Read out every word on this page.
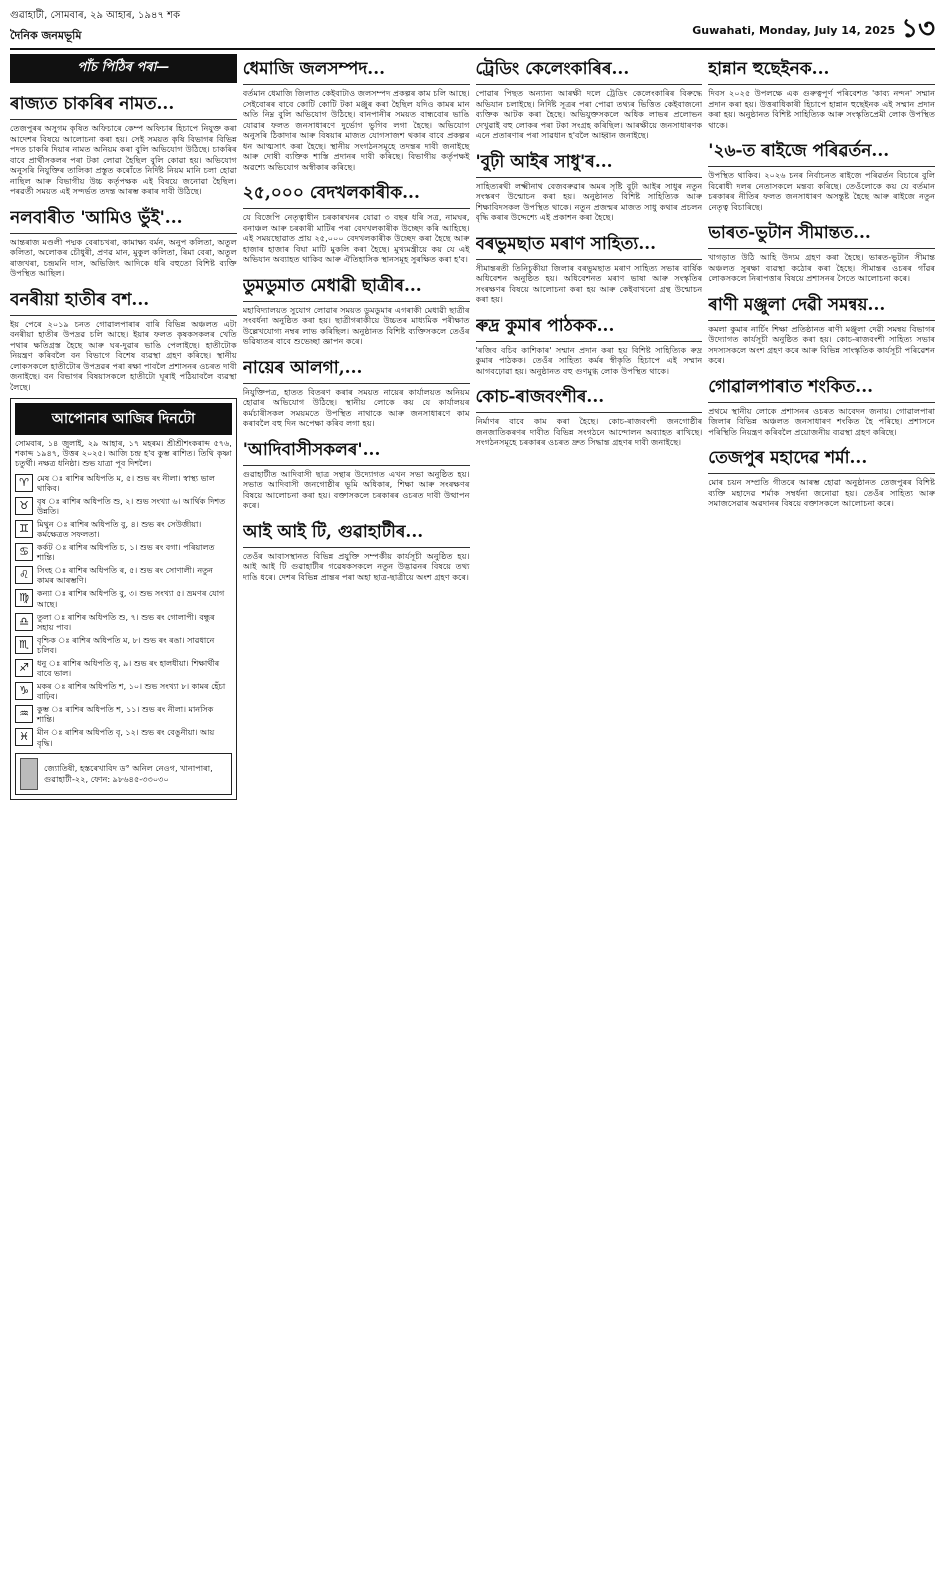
গুৱাহাটী, সোমবাৰ, ২৯ আহাৰ, ১৯৪৭ শক
দৈনিক জনমভূমি	Guwahati, Monday, July 14, 2025 ১৩
পাঁচ পিঠিৰ পৰা—
ৰাজ্যত চাকৰিৰ নামত...

তেজপুৰৰ অসুগম কৃষিত অফিচাৰে কেম্প অফিচাৰ হিচাপে নিযুক্ত কৰা আদেশৰ বিষয়ে আলোচনা কৰা হয়। সেই সময়ত কৃষি বিভাগৰ বিভিন্ন পদত চাকৰি দিয়াৰ নামত অনিয়ম কৰা বুলি অভিযোগ উঠিছে। চাকৰিৰ বাবে প্ৰাৰ্থীসকলৰ পৰা টকা লোৱা হৈছিল বুলি কোৱা হয়। অভিযোগ অনুসৰি নিযুক্তিৰ তালিকা প্ৰস্তুত কৰোঁতে নিৰ্দিষ্ট নিয়ম মানি চলা হোৱা নাছিল আৰু বিভাগীয় উচ্চ কৰ্তৃপক্ষক এই বিষয়ে জনোৱা হৈছিল। পৰৱৰ্তী সময়ত এই সন্দৰ্ভত তদন্ত আৰম্ভ কৰাৰ দাবী উঠিছে।

নলবাৰীত 'আমিও ভুঁই'...

আন্তৰাজ মণ্ডলী পদ্মক বেৰাচখৰা, কামাক্ষ্য বৰ্মন, অনুপ কলিতা, অতুল কলিতা, অলোকৰ চৌধুৰী, প্ৰণৱ মান, মুকুল কলিতা, ৰিমা বেৰা, অতুল ৰাজখৰা, চন্দ্ৰমনি দাস, অভিজিৎ আদিকে ধৰি বহুতো বিশিষ্ট ব্যক্তি উপস্থিত আছিল।

বনৰীয়া হাতীৰ বশ...

ইয় পেৰে ২০১৯ চনত গোৱালপাৰাৰ বাৰি বিভিন্ন অঞ্চলত এটা বনৰীয়া হাতীৰ উপদ্ৰৱ চলি আছে। ইয়াৰ ফলত কৃষকসকলৰ খেতি পথাৰ ক্ষতিগ্ৰস্ত হৈছে আৰু ঘৰ-দুৱাৰ ভাঙি পেলাইছে। হাতীটোক নিয়ন্ত্ৰণ কৰিবলৈ বন বিভাগে বিশেষ ব্যৱস্থা গ্ৰহণ কৰিছে। স্থানীয় লোকসকলে হাতীটোৰ উপদ্ৰৱৰ পৰা ৰক্ষা পাবলৈ প্ৰশাসনৰ ওচৰত দাবী জনাইছে। বন বিভাগৰ বিষয়াসকলে হাতীটো ঘূৰাই পঠিয়াবলৈ ব্যৱস্থা লৈছে।

আপোনাৰ আজিৰ দিনটো
সোমবাৰ, ১৪ জুলাই, ২৯ আহাৰ, ১৭ মহৰম। শ্ৰীশ্ৰীশংকৰাব্দ ৫৭৬, শকাব্দ ১৯৪৭, উত্তৰ ২০২৫। আজি চন্দ্ৰ হ'ব কুম্ভ ৰাশিত। তিথি কৃষ্ণা চতুৰ্থী। নক্ষত্ৰ ধনিষ্ঠা। শুভ যাত্ৰা পূব দিশলৈ।
♈	মেষ ঃ ৰাশিৰ অধিপতি ম, ৫। শুভ ৰং নীলা। স্বাস্থ্য ভাল থাকিব।
♉	বৃষ ঃ ৰাশিৰ অধিপতি শু, ২। শুভ সংখ্যা ৬। আর্থিক দিশত উন্নতি।
♊	মিথুন ঃ ৰাশিৰ অধিপতি বু, ৪। শুভ ৰং সেউজীয়া। কৰ্মক্ষেত্ৰত সফলতা।
♋	কৰ্কট ঃ ৰাশিৰ অধিপতি চ, ১। শুভ ৰং বগা। পৰিয়ালত শান্তি।
♌	সিংহ ঃ ৰাশিৰ অধিপতি ৰ, ৫। শুভ ৰং সোণালী। নতুন কামৰ আৰম্ভণি।
♍	কন্যা ঃ ৰাশিৰ অধিপতি বু, ৩। শুভ সংখ্যা ৫। ভ্ৰমণৰ যোগ আছে।
♎	তুলা ঃ ৰাশিৰ অধিপতি শু, ৭। শুভ ৰং গোলাপী। বন্ধুৰ সহায় পাব।
♏	বৃশ্চিক ঃ ৰাশিৰ অধিপতি ম, ৮। শুভ ৰং ৰঙা। সাৱধানে চলিব।
♐	ধনু ঃ ৰাশিৰ অধিপতি বৃ, ৯। শুভ ৰং হালধীয়া। শিক্ষাৰ্থীৰ বাবে ভাল।
♑	মকৰ ঃ ৰাশিৰ অধিপতি শ, ১০। শুভ সংখ্যা ৮। কামৰ হেঁচা বাঢ়িব।
♒	কুম্ভ ঃ ৰাশিৰ অধিপতি শ, ১১। শুভ ৰং নীলা। মানসিক শান্তি।
♓	মীন ঃ ৰাশিৰ অধিপতি বৃ, ১২। শুভ ৰং বেঙুনীয়া। আয় বৃদ্ধি।
জ্যোতিষী, হস্তৰেখাবিদ ড° অনিল নেওগ, খানাপাৰা, গুৱাহাটী-২২, ফোন: ৯৮৬৪৫-৩৩০৩০
ধেমাজি জলসম্পদ...

বৰ্তমান ধেমাজি জিলাত কেইবাটাও জলসম্পদ প্ৰকল্পৰ কাম চলি আছে। সেইবোৰৰ বাবে কোটি কোটি টকা মঞ্জুৰ কৰা হৈছিল যদিও কামৰ মান অতি নিম্ন বুলি অভিযোগ উঠিছে। বানপানীৰ সময়ত বান্ধবোৰ ভাঙি যোৱাৰ ফলত জনসাধাৰণে দুৰ্ভোগ ভুগিব লগা হৈছে। অভিযোগ অনুসৰি ঠিকাদাৰ আৰু বিষয়াৰ মাজত যোগসাজশ থকাৰ বাবে প্ৰকল্পৰ ধন আত্মসাৎ কৰা হৈছে। স্থানীয় সংগঠনসমূহে তদন্তৰ দাবী জনাইছে আৰু দোষী ব্যক্তিক শাস্তি প্ৰদানৰ দাবী কৰিছে। বিভাগীয় কৰ্তৃপক্ষই অৱশ্যে অভিযোগ অস্বীকাৰ কৰিছে।

২৫,০০০ বেদখলকাৰীক...

যে বিজেপি নেতৃত্বাধীন চৰকাৰখনৰ যোৱা ৩ বছৰ ধৰি সত্ৰ, নামঘৰ, বনাঞ্চল আৰু চৰকাৰী মাটিৰ পৰা বেদখলকাৰীক উচ্ছেদ কৰি আহিছে। এই সময়ছোৱাত প্ৰায় ২৫,০০০ বেদখলকাৰীক উচ্ছেদ কৰা হৈছে আৰু হাজাৰ হাজাৰ বিঘা মাটি মুকলি কৰা হৈছে। মুখ্যমন্ত্ৰীয়ে কয় যে এই অভিযান অব্যাহত থাকিব আৰু ঐতিহাসিক স্থানসমূহ সুৰক্ষিত কৰা হ'ব।

ডুমডুমাত মেধাৱী ছাত্ৰীৰ...

মহাবিদ্যালয়ত সুযোগ লোৱাৰ সময়ত ডুমডুমাৰ এগৰাকী মেধাৱী ছাত্ৰীৰ সংবৰ্ধনা অনুষ্ঠিত কৰা হয়। ছাত্ৰীগৰাকীয়ে উচ্চতৰ মাধ্যমিক পৰীক্ষাত উল্লেখযোগ্য নম্বৰ লাভ কৰিছিল। অনুষ্ঠানত বিশিষ্ট ব্যক্তিসকলে তেওঁৰ ভৱিষ্যতৰ বাবে শুভেচ্ছা জ্ঞাপন কৰে।

নায়েৰ আলগা,...

নিযুক্তিপত্ৰ, হাতত বিতৰণ কৰাৰ সময়ত নায়েৰ কাৰ্যালয়ত অনিয়ম হোৱাৰ অভিযোগ উঠিছে। স্থানীয় লোকে কয় যে কাৰ্যালয়ৰ কৰ্মচাৰীসকল সময়মতে উপস্থিত নাথাকে আৰু জনসাধাৰণে কাম কৰাবলৈ বহু দিন অপেক্ষা কৰিব লগা হয়।

'আদিবাসীসকলৰ'...

গুৱাহাটীত আদিবাসী ছাত্ৰ সন্থাৰ উদ্যোগত এখন সভা অনুষ্ঠিত হয়। সভাত আদিবাসী জনগোষ্ঠীৰ ভূমি অধিকাৰ, শিক্ষা আৰু সংৰক্ষণৰ বিষয়ে আলোচনা কৰা হয়। বক্তাসকলে চৰকাৰৰ ওচৰত দাবী উত্থাপন কৰে।

আই আই টি, গুৱাহাটীৰ...

তেওঁৰ আবাসস্থানত বিভিন্ন প্ৰযুক্তি সম্পৰ্কীয় কাৰ্যসূচী অনুষ্ঠিত হয়। আই আই টি গুৱাহাটীৰ গৱেষকসকলে নতুন উদ্ভাৱনৰ বিষয়ে তথ্য দাঙি ধৰে। দেশৰ বিভিন্ন প্ৰান্তৰ পৰা অহা ছাত্ৰ-ছাত্ৰীয়ে অংশ গ্ৰহণ কৰে।

ট্ৰেডিং কেলেংকাৰিৰ...

পোৱাৰ পিছত অন্যান্য আৰক্ষী দলে ট্ৰেডিং কেলেংকাৰিৰ বিৰুদ্ধে অভিযান চলাইছে। নিৰ্দিষ্ট সূত্ৰৰ পৰা পোৱা তথ্যৰ ভিত্তিত কেইবাজনো ব্যক্তিক আটক কৰা হৈছে। অভিযুক্তসকলে অধিক লাভৰ প্ৰলোভন দেখুৱাই বহু লোকৰ পৰা টকা সংগ্ৰহ কৰিছিল। আৰক্ষীয়ে জনসাধাৰণক এনে প্ৰতাৰণাৰ পৰা সাৱধান হ'বলৈ আহ্বান জনাইছে।

'বুঢ়ী আইৰ সাধু'ৰ...

সাহিত্যৰথী লক্ষ্মীনাথ বেজবৰুৱাৰ অমৰ সৃষ্টি বুঢ়ী আইৰ সাধুৰ নতুন সংস্কৰণ উন্মোচন কৰা হয়। অনুষ্ঠানত বিশিষ্ট সাহিত্যিক আৰু শিক্ষাবিদসকল উপস্থিত থাকে। নতুন প্ৰজন্মৰ মাজত সাধু কথাৰ প্ৰচলন বৃদ্ধি কৰাৰ উদ্দেশ্যে এই প্ৰকাশন কৰা হৈছে।

বৰভুমছাত মৰাণ সাহিত্য...

সীমান্তৰতী তিনিচুকীয়া জিলাৰ বৰভুমছাত মৰাণ সাহিত্য সভাৰ বাৰ্ষিক অধিবেশন অনুষ্ঠিত হয়। অধিবেশনত মৰাণ ভাষা আৰু সংস্কৃতিৰ সংৰক্ষণৰ বিষয়ে আলোচনা কৰা হয় আৰু কেইবাখনো গ্ৰন্থ উন্মোচন কৰা হয়।

ৰুদ্ৰ কুমাৰ পাঠকক...

'ৰজিব বচিব কাশিকাৰ' সম্মান প্ৰদান কৰা হয় বিশিষ্ট সাহিত্যিক ৰুদ্ৰ কুমাৰ পাঠকক। তেওঁৰ সাহিত্য কৰ্মৰ স্বীকৃতি হিচাপে এই সম্মান আগবঢ়োৱা হয়। অনুষ্ঠানত বহু গুণমুগ্ধ লোক উপস্থিত থাকে।

কোচ-ৰাজবংশীৰ...

নিৰ্মাণৰ বাবে কাম কৰা হৈছে। কোচ-ৰাজবংশী জনগোষ্ঠীৰ জনজাতিকৰণৰ দাবীত বিভিন্ন সংগঠনে আন্দোলন অব্যাহত ৰাখিছে। সংগঠনসমূহে চৰকাৰৰ ওচৰত দ্ৰুত সিদ্ধান্ত গ্ৰহণৰ দাবী জনাইছে।

হান্নান হুছেইনক...

দিবস ২০২৫ উপলক্ষে এক গুৰুত্বপূৰ্ণ পৰিবেশত 'কাব্য নন্দন' সম্মান প্ৰদান কৰা হয়। উত্তৰাধিকাৰী হিচাপে হান্নান হুছেইনক এই সম্মান প্ৰদান কৰা হয়। অনুষ্ঠানত বিশিষ্ট সাহিত্যিক আৰু সংস্কৃতিপ্ৰেমী লোক উপস্থিত থাকে।

'২৬-ত ৰাইজে পৰিৱৰ্তন...

উপস্থিত থাকিব। ২০২৬ চনৰ নিৰ্বাচনত ৰাইজে পৰিৱৰ্তন বিচাৰে বুলি বিৰোধী দলৰ নেতাসকলে মন্তব্য কৰিছে। তেওঁলোকে কয় যে বৰ্তমান চৰকাৰৰ নীতিৰ ফলত জনসাধাৰণ অসন্তুষ্ট হৈছে আৰু ৰাইজে নতুন নেতৃত্ব বিচাৰিছে।

ভাৰত-ভুটান সীমান্তত...

খাগড়াত উঠি আহি উদ্যম গ্ৰহণ কৰা হৈছে। ভাৰত-ভুটান সীমান্ত অঞ্চলত সুৰক্ষা ব্যৱস্থা কঠোৰ কৰা হৈছে। সীমান্তৰ ওচৰৰ গাঁৱৰ লোকসকলে নিৰাপত্তাৰ বিষয়ে প্ৰশাসনৰ সৈতে আলোচনা কৰে।

ৰাণী মঞ্জুলা দেৱী সমন্বয়...

কমলা কুমাৰ নাৰ্চিং শিক্ষা প্ৰতিষ্ঠানত ৰাণী মঞ্জুলা দেৱী সমন্বয় বিভাগৰ উদ্যোগত কাৰ্যসূচী অনুষ্ঠিত কৰা হয়। কোচ-ৰাজবংশী সাহিত্য সভাৰ সদস্যসকলে অংশ গ্ৰহণ কৰে আৰু বিভিন্ন সাংস্কৃতিক কাৰ্যসূচী পৰিৱেশন কৰে।

গোৱালপাৰাত শংকিত...

প্ৰথমে স্থানীয় লোকে প্ৰশাসনৰ ওচৰত আবেদন জনায়। গোৱালপাৰা জিলাৰ বিভিন্ন অঞ্চলত জনসাধাৰণ শংকিত হৈ পৰিছে। প্ৰশাসনে পৰিস্থিতি নিয়ন্ত্ৰণ কৰিবলৈ প্ৰয়োজনীয় ব্যৱস্থা গ্ৰহণ কৰিছে।

তেজপুৰ মহাদেৱ শৰ্মা...

মোৰ চয়ন সম্প্ৰতি গীতৰে আৰম্ভ হোৱা অনুষ্ঠানত তেজপুৰৰ বিশিষ্ট ব্যক্তি মহাদেৱ শৰ্মাক সম্বৰ্ধনা জনোৱা হয়। তেওঁৰ সাহিত্য আৰু সমাজসেৱাৰ অৱদানৰ বিষয়ে বক্তাসকলে আলোচনা কৰে।
